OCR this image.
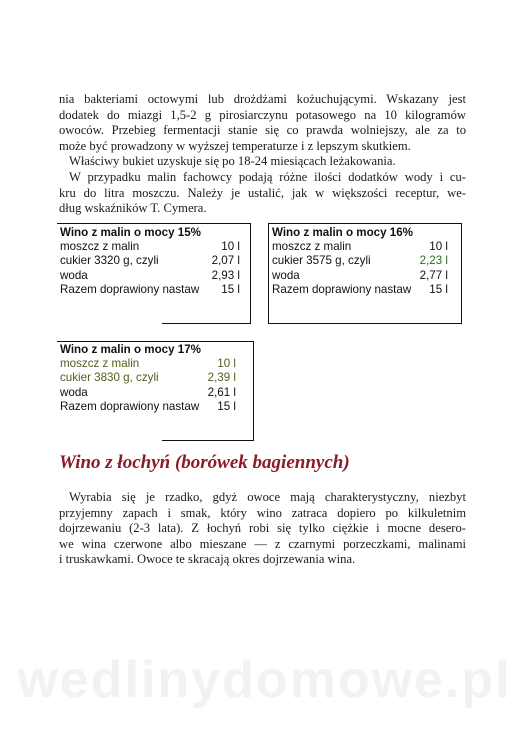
nia bakteriami octowymi lub drożdżami kożuchującymi. Wskazany jest
dodatek do miazgi 1,5-2 g pirosiarczynu potasowego na 10 kilogramów
owoców. Przebieg fermentacji stanie się co prawda wolniejszy, ale za to
może być prowadzony w wyższej temperaturze i z lepszym skutkiem.
Właściwy bukiet uzyskuje się po 18-24 miesiącach leżakowania.
W przypadku malin fachowcy podają różne ilości dodatków wody i cu-
kru do litra moszczu. Należy je ustalić, jak w większości receptur, we-
dług wskaźników T. Cymera.
Wino z malin o mocy 15%
moszcz z malin	10 l
cukier 3320 g, czyli	2,07 l
woda	2,93 l
Razem doprawiony nastaw 15 l
Wino z malin o mocy 16%
moszcz z malin	10 l
cukier 3575 g, czyli	2,23 l
woda	2,77 l
Razem doprawiony nastaw 15 l
Wino z malin o mocy 17%
moszcz z malin	10 l
cukier 3830 g, czyli	2,39 l
woda	2,61 l
Razem doprawiony nastaw 15 l
Wino z łochyń (borówek bagiennych)
Wyrabia się je rzadko, gdyż owoce mają charakterystyczny, niezbyt
przyjemny zapach i smak, który wino zatraca dopiero po kilkuletnim
dojrzewaniu (2-3 lata). Z łochyń robi się tylko ciężkie i mocne desero-
we wina czerwone albo mieszane — z czarnymi porzeczkami, malinami
i truskawkami. Owoce te skracają okres dojrzewania wina.
wedlinydomowe.pl
